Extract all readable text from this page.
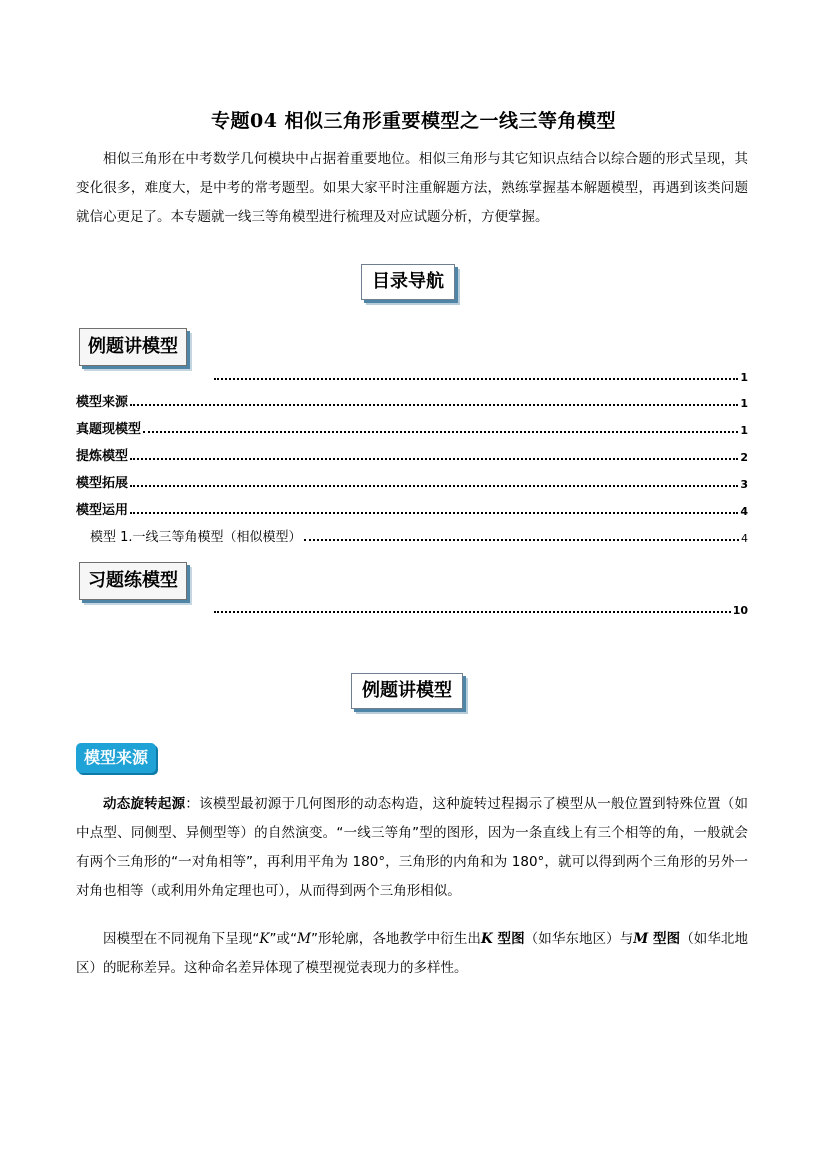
专题04 相似三角形重要模型之一线三等角模型
相似三角形在中考数学几何模块中占据着重要地位。相似三角形与其它知识点结合以综合题的形式呈现，其变化很多，难度大，是中考的常考题型。如果大家平时注重解题方法，熟练掌握基本解题模型，再遇到该类问题就信心更足了。本专题就一线三等角模型进行梳理及对应试题分析，方便掌握。
目录导航
例题讲模型
1
模型来源	1
真题现模型	1
提炼模型	2
模型拓展	3
模型运用	4
模型 1.一线三等角模型（相似模型）	4
习题练模型
10
例题讲模型
模型来源
动态旋转起源：该模型最初源于几何图形的动态构造，这种旋转过程揭示了模型从一般位置到特殊位置（如中点型、同侧型、异侧型等）的自然演变。“一线三等角”型的图形，因为一条直线上有三个相等的角，一般就会有两个三角形的“一对角相等”，再利用平角为 180°，三角形的内角和为 180°，就可以得到两个三角形的另外一对角也相等（或利用外角定理也可），从而得到两个三角形相似。
因模型在不同视角下呈现“K”或“M”形轮廓，各地教学中衍生出K 型图（如华东地区）与M 型图（如华北地区）的昵称差异。这种命名差异体现了模型视觉表现力的多样性。
